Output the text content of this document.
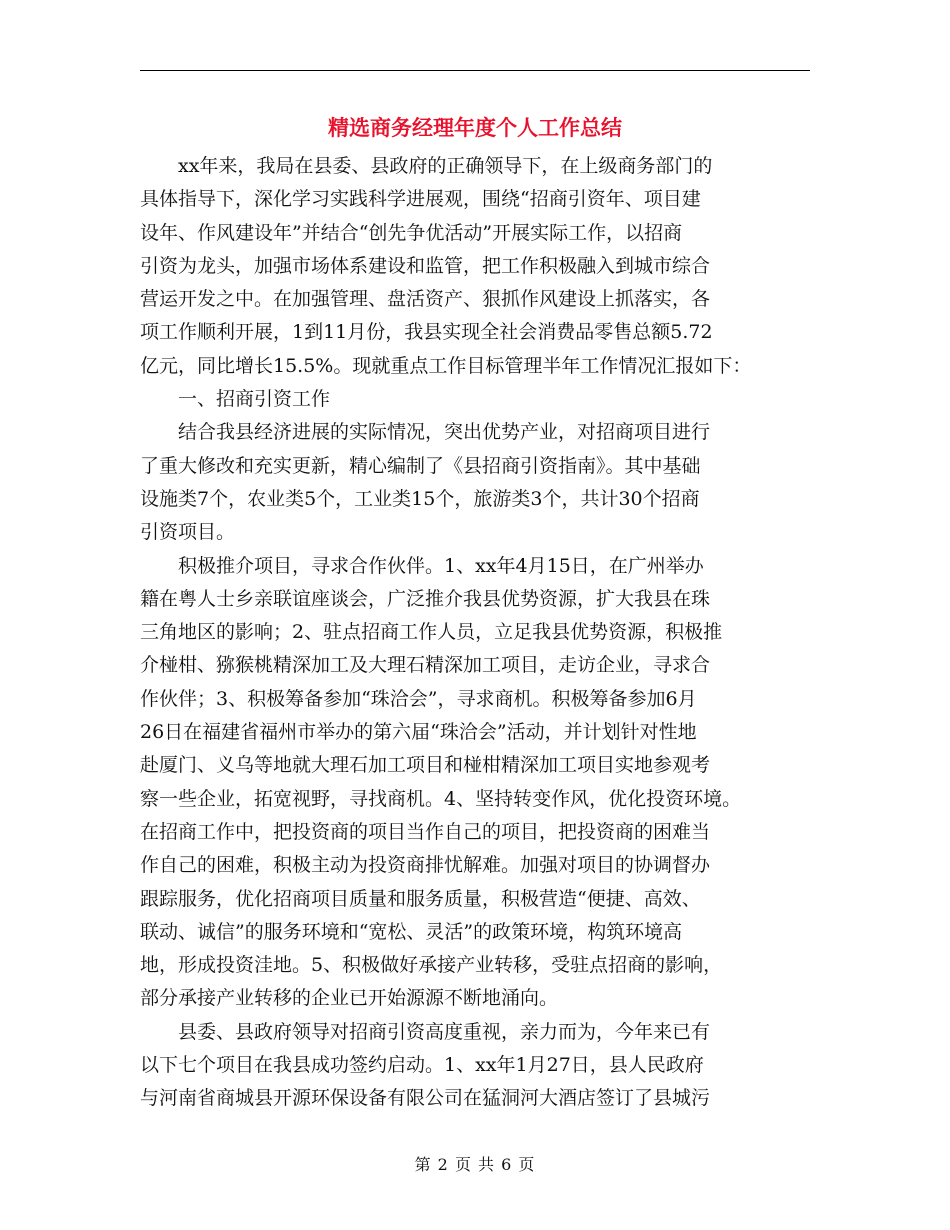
精选商务经理年度个人工作总结
　　xx年来，我局在县委、县政府的正确领导下，在上级商务部门的
具体指导下，深化学习实践科学进展观，围绕“招商引资年、项目建
设年、作风建设年”并结合“创先争优活动”开展实际工作，以招商
引资为龙头，加强市场体系建设和监管，把工作积极融入到城市综合
营运开发之中。在加强管理、盘活资产、狠抓作风建设上抓落实，各
项工作顺利开展，1到11月份，我县实现全社会消费品零售总额5.72
亿元，同比增长15.5%。现就重点工作目标管理半年工作情况汇报如下：
　　一、招商引资工作
　　结合我县经济进展的实际情况，突出优势产业，对招商项目进行
了重大修改和充实更新，精心编制了《县招商引资指南》。其中基础
设施类7个，农业类5个，工业类15个，旅游类3个，共计30个招商
引资项目。
　　积极推介项目，寻求合作伙伴。1、xx年4月15日，在广州举办
籍在粤人士乡亲联谊座谈会，广泛推介我县优势资源，扩大我县在珠
三角地区的影响；2、驻点招商工作人员，立足我县优势资源，积极推
介椪柑、猕猴桃精深加工及大理石精深加工项目，走访企业，寻求合
作伙伴；3、积极筹备参加“珠洽会”，寻求商机。积极筹备参加6月
26日在福建省福州市举办的第六届“珠洽会”活动，并计划针对性地
赴厦门、义乌等地就大理石加工项目和椪柑精深加工项目实地参观考
察一些企业，拓宽视野，寻找商机。4、坚持转变作风，优化投资环境。
在招商工作中，把投资商的项目当作自己的项目，把投资商的困难当
作自己的困难，积极主动为投资商排忧解难。加强对项目的协调督办
跟踪服务，优化招商项目质量和服务质量，积极营造“便捷、高效、
联动、诚信”的服务环境和“宽松、灵活”的政策环境，构筑环境高
地，形成投资洼地。5、积极做好承接产业转移，受驻点招商的影响，
部分承接产业转移的企业已开始源源不断地涌向。
　　县委、县政府领导对招商引资高度重视，亲力而为，今年来已有
以下七个项目在我县成功签约启动。1、xx年1月27日，县人民政府
与河南省商城县开源环保设备有限公司在猛洞河大酒店签订了县城污
第 2 页 共 6 页
